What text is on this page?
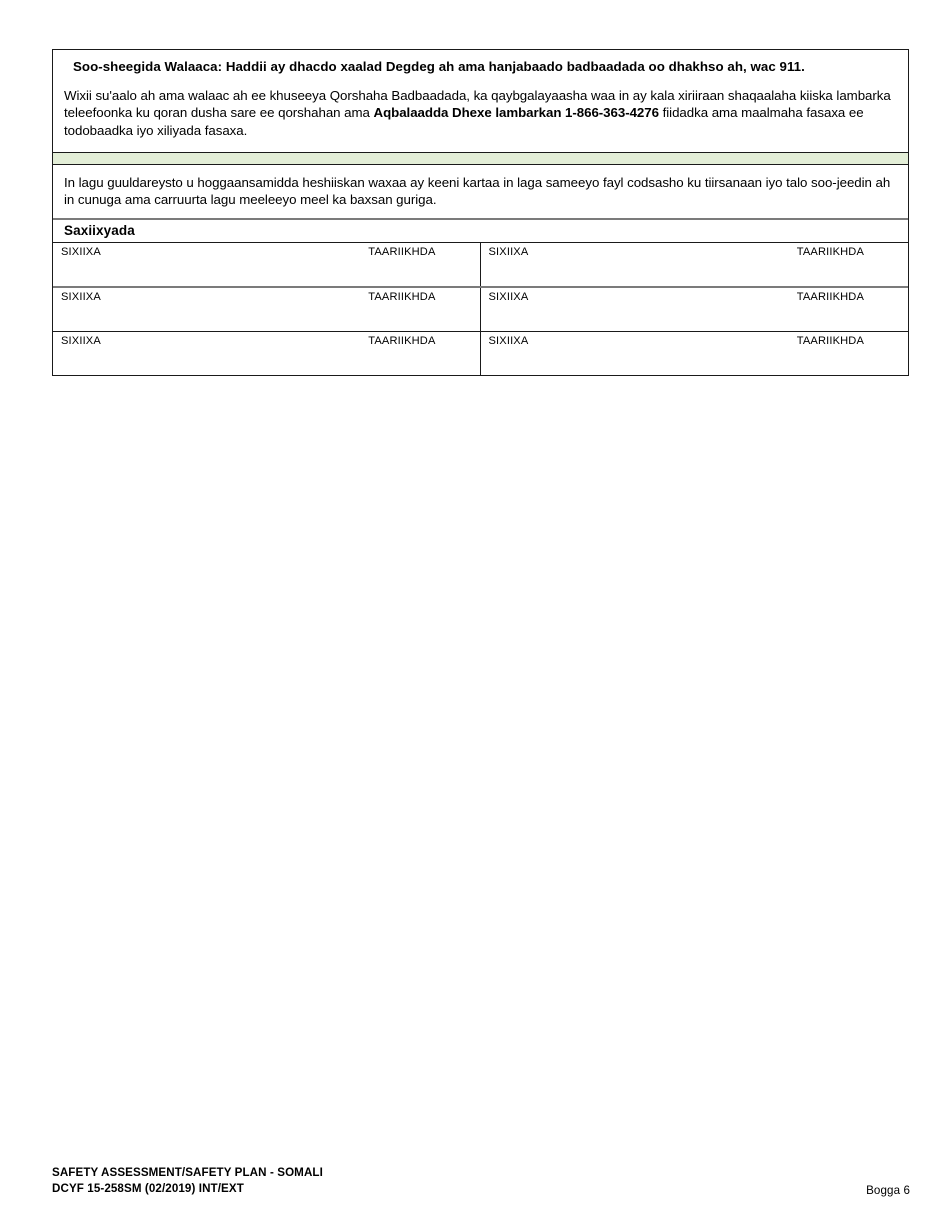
Soo-sheegida Walaaca: Haddii ay dhacdo xaalad Degdeg ah ama hanjabaado badbaadada oo dhakhso ah, wac 911.

Wixii su'aalo ah ama walaac ah ee khuseeya Qorshaha Badbaadada, ka qaybgalayaasha waa in ay kala xiriiraan shaqaalaha kiiska lambarka teleefoonka ku qoran dusha sare ee qorshahan ama Aqbalaadda Dhexe lambarkan 1-866-363-4276 fiidadka ama maalmaha fasaxa ee todobaadka iyo xiliyada fasaxa.

In lagu guuldareysto u hoggaansamidda heshiiskan waxaa ay keeni kartaa in laga sameeyo fayl codsasho ku tiirsanaan iyo talo soo-jeedin ah in cunuga ama carruurta lagu meeleeyo meel ka baxsan guriga.

Saxiixyada

SIXIIXA TAARIIKHDA	SIXIIXA TAARIIKHDA

SIXIIXA TAARIIKHDA	SIXIIXA TAARIIKHDA

SIXIIXA TAARIIKHDA	SIXIIXA TAARIIKHDA
SAFETY ASSESSMENT/SAFETY PLAN - SOMALI
DCYF 15-258SM (02/2019) INT/EXT	Bogga 6
